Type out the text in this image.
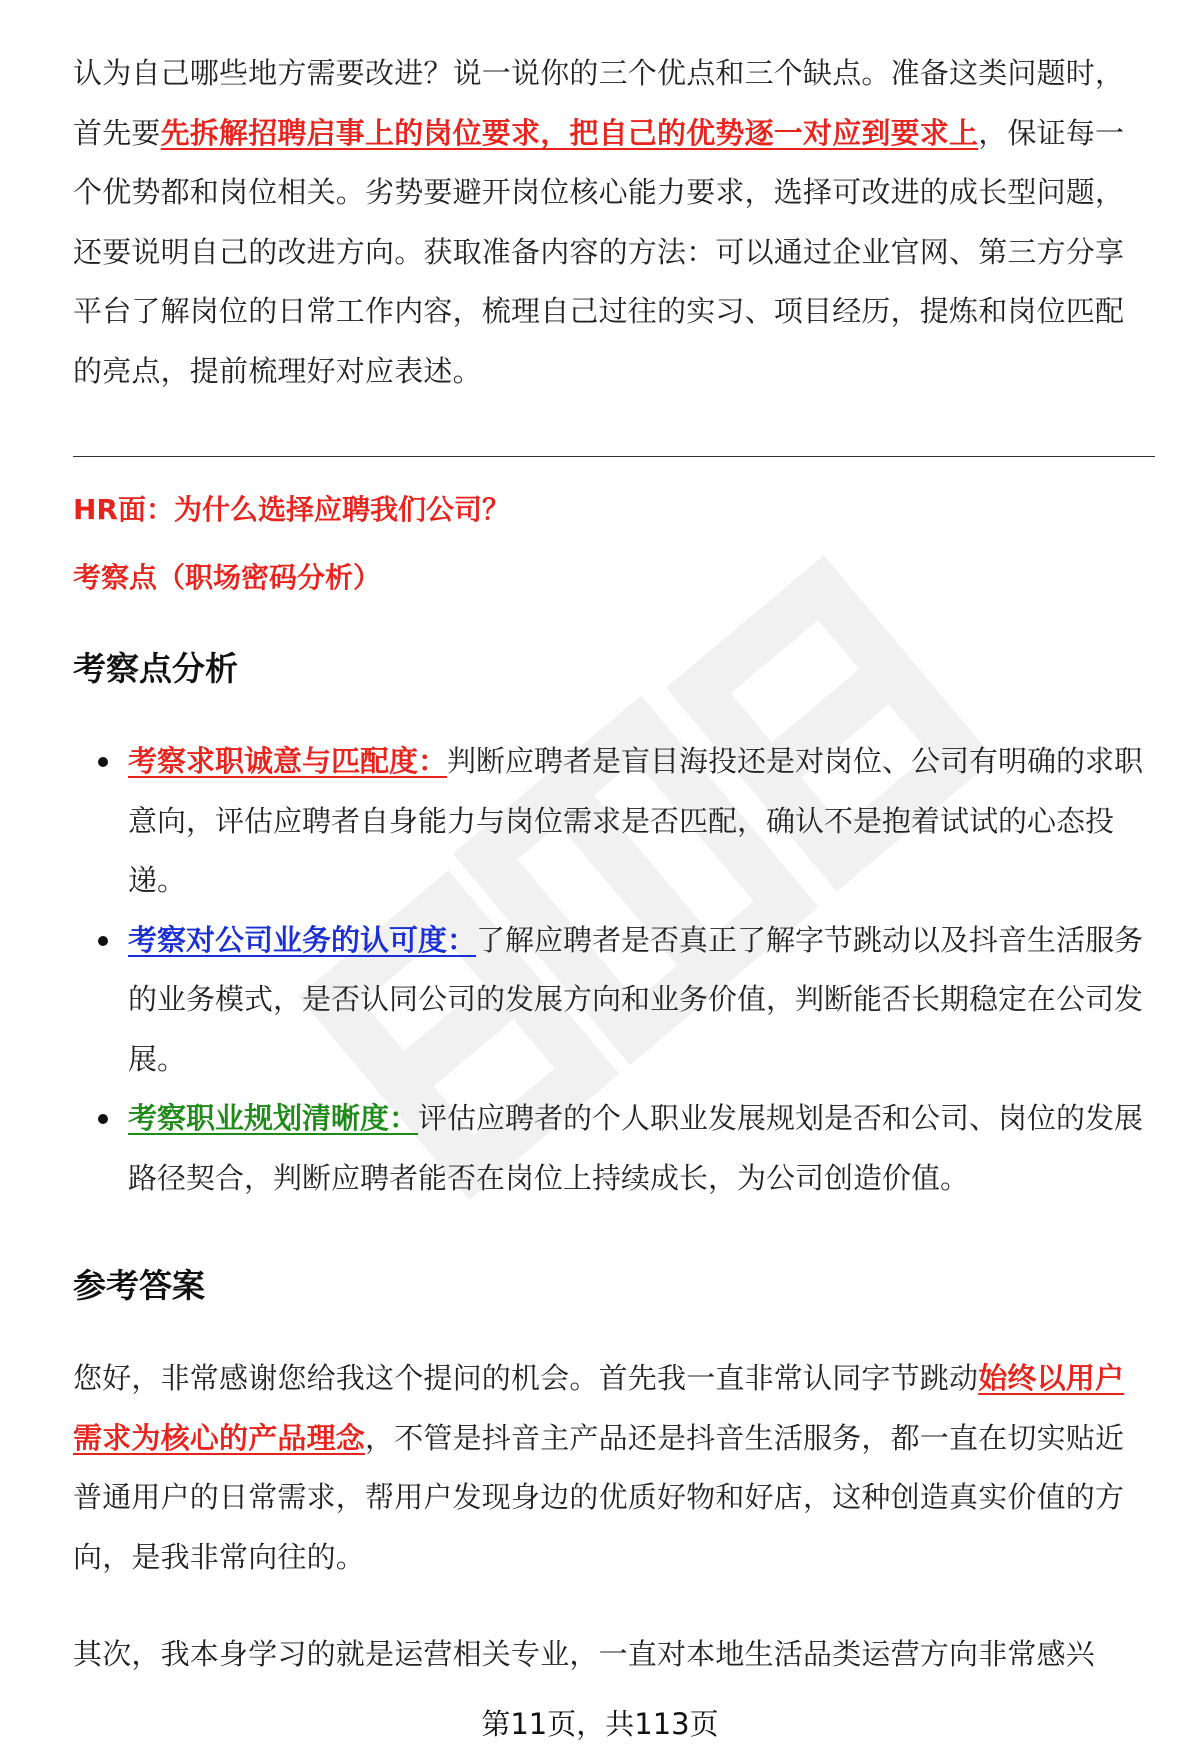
认为自己哪些地方需要改进？说一说你的三个优点和三个缺点。准备这类问题时，首先要先拆解招聘启事上的岗位要求，把自己的优势逐一对应到要求上，保证每一个优势都和岗位相关。劣势要避开岗位核心能力要求，选择可改进的成长型问题，还要说明自己的改进方向。获取准备内容的方法：可以通过企业官网、第三方分享平台了解岗位的日常工作内容，梳理自己过往的实习、项目经历，提炼和岗位匹配的亮点，提前梳理好对应表述。

HR面：为什么选择应聘我们公司？
考察点（职场密码分析）
考察点分析
考察求职诚意与匹配度：判断应聘者是盲目海投还是对岗位、公司有明确的求职意向，评估应聘者自身能力与岗位需求是否匹配，确认不是抱着试试的心态投递。
考察对公司业务的认可度：了解应聘者是否真正了解字节跳动以及抖音生活服务的业务模式，是否认同公司的发展方向和业务价值，判断能否长期稳定在公司发展。
考察职业规划清晰度：评估应聘者的个人职业发展规划是否和公司、岗位的发展路径契合，判断应聘者能否在岗位上持续成长，为公司创造价值。
参考答案

您好，非常感谢您给我这个提问的机会。首先我一直非常认同字节跳动始终以用户需求为核心的产品理念，不管是抖音主产品还是抖音生活服务，都一直在切实贴近普通用户的日常需求，帮用户发现身边的优质好物和好店，这种创造真实价值的方向，是我非常向往的。

其次，我本身学习的就是运营相关专业，一直对本地生活品类运营方向非常感兴

第11页，共113页
